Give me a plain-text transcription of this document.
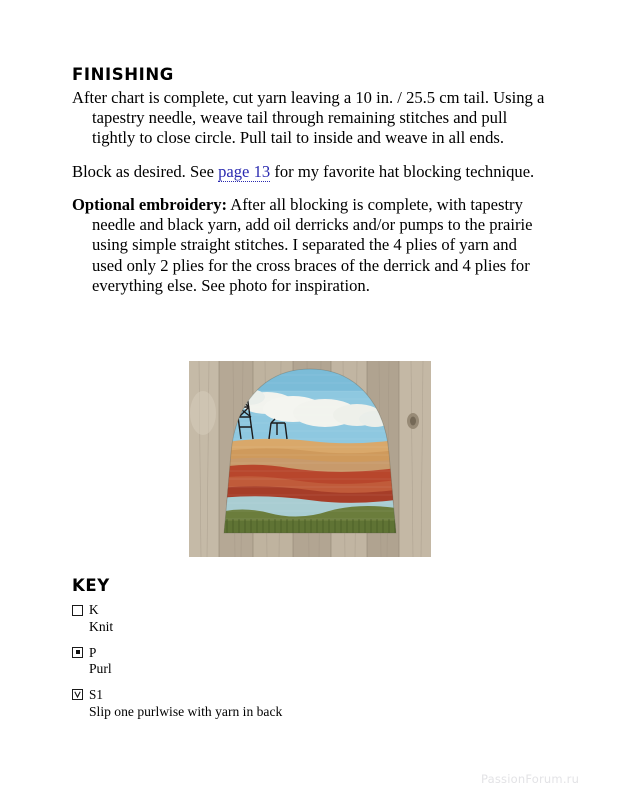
FINISHING

After chart is complete, cut yarn leaving a 10 in. / 25.5 cm tail. Using a tapestry needle, weave tail through remaining stitches and pull tightly to close circle. Pull tail to inside and weave in all ends.

Block as desired. See page 13 for my favorite hat blocking technique.

Optional embroidery: After all blocking is complete, with tapestry needle and black yarn, add oil derricks and/or pumps to the prairie using simple straight stitches. I separated the 4 plies of yarn and used only 2 plies for the cross braces of the derrick and 4 plies for everything else. See photo for inspiration.

KEY
K
Knit
P
Purl
S1
Slip one purlwise with yarn in back
PassionForum.ru
